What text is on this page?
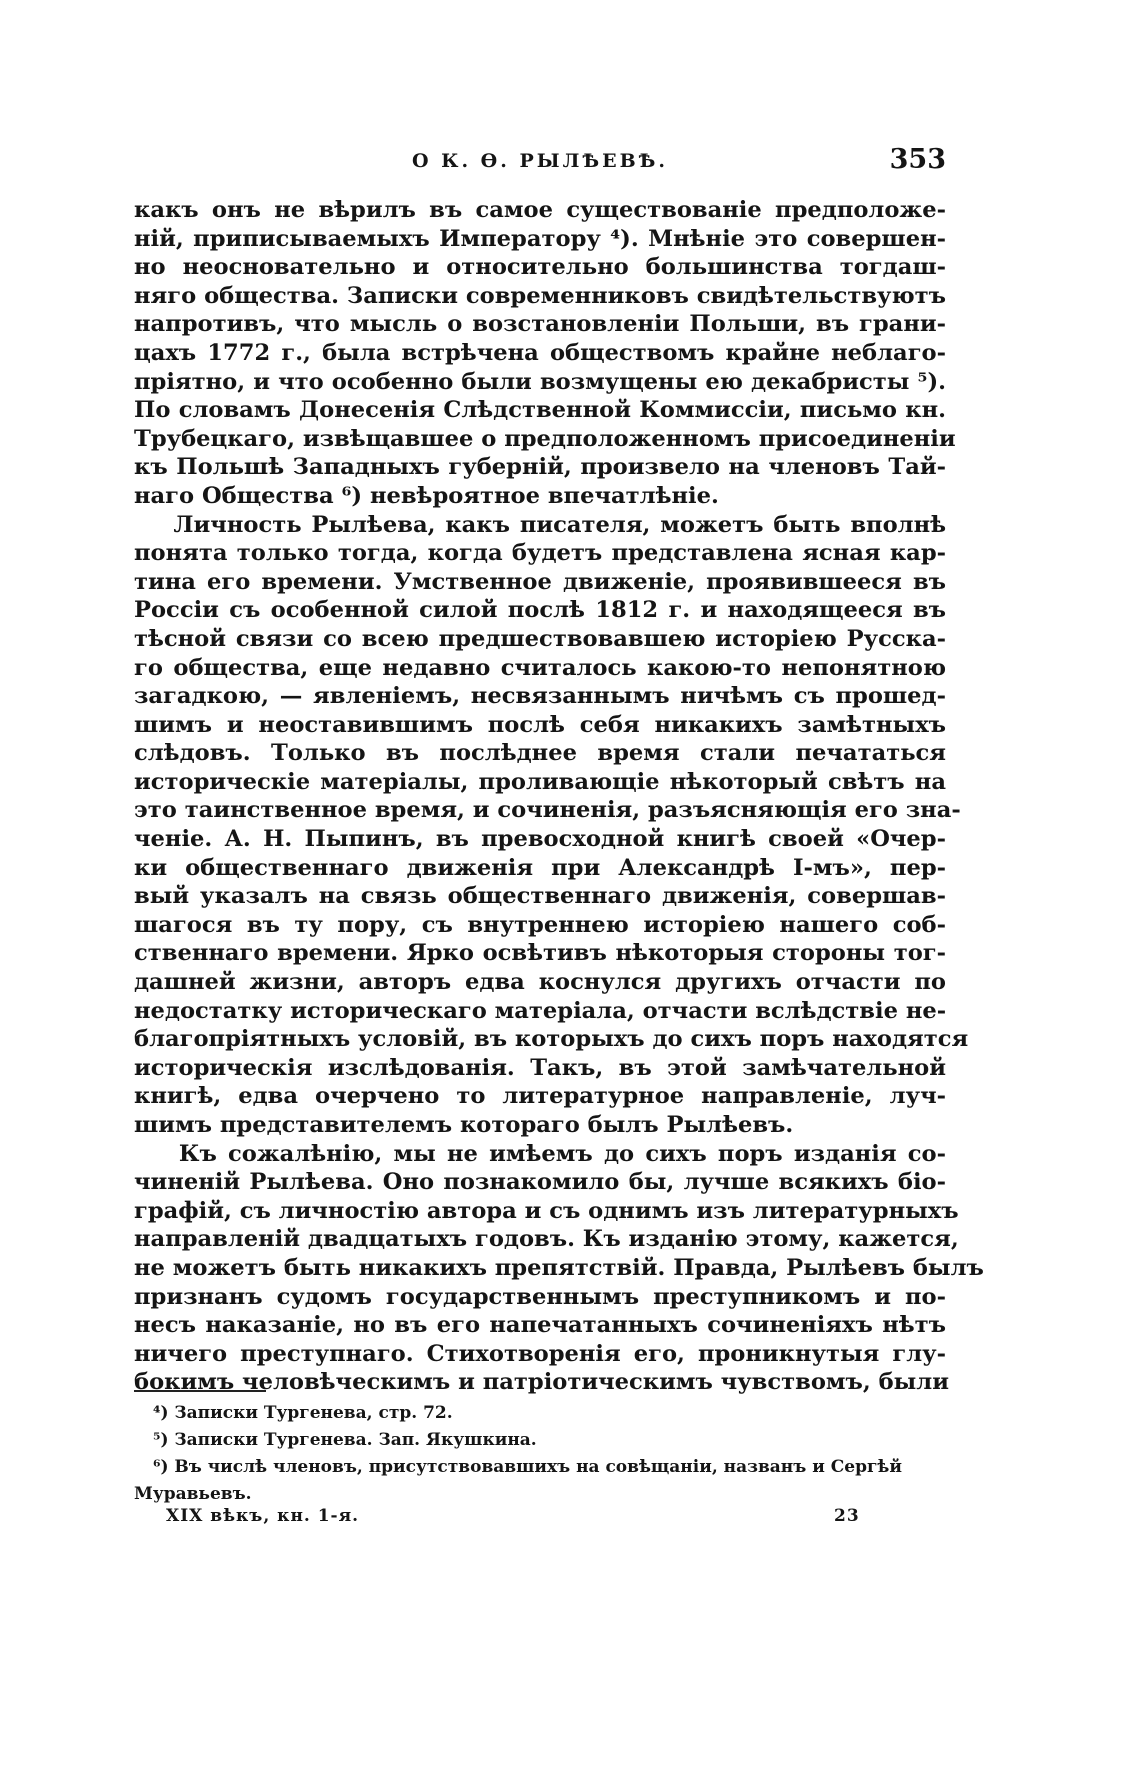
О К. Ѳ. РЫЛѢЕВѢ.	353
какъ онъ не вѣрилъ въ самое существованіе предположе-
ній, приписываемыхъ Императору ⁴). Мнѣніе это совершен-
но неосновательно и относительно большинства тогдаш-
няго общества. Записки современниковъ свидѣтельствуютъ
напротивъ, что мысль о возстановленіи Польши, въ грани-
цахъ 1772 г., была встрѣчена обществомъ крайне неблаго-
пріятно, и что особенно были возмущены ею декабристы ⁵).
По словамъ Донесенія Слѣдственной Коммиссіи, письмо кн.
Трубецкаго, извѣщавшее о предположенномъ присоединеніи
къ Польшѣ Западныхъ губерній, произвело на членовъ Тай-
наго Общества ⁶) невѣроятное впечатлѣніе.
Личность Рылѣева, какъ писателя, можетъ быть вполнѣ
понята только тогда, когда будетъ представлена ясная кар-
тина его времени. Умственное движеніе, проявившееся въ
Россіи съ особенной силой послѣ 1812 г. и находящееся въ
тѣсной связи со всею предшествовавшею исторіею Русска-
го общества, еще недавно считалось какою-то непонятною
загадкою, — явленіемъ, несвязаннымъ ничѣмъ съ прошед-
шимъ и неоставившимъ послѣ себя никакихъ замѣтныхъ
слѣдовъ. Только въ послѣднее время стали печататься
историческіе матеріалы, проливающіе нѣкоторый свѣтъ на
это таинственное время, и сочиненія, разъясняющія его зна-
ченіе. А. Н. Пыпинъ, въ превосходной книгѣ своей «Очер-
ки общественнаго движенія при Александрѣ I-мъ», пер-
вый указалъ на связь общественнаго движенія, совершав-
шагося въ ту пору, съ внутреннею исторіею нашего соб-
ственнаго времени. Ярко освѣтивъ нѣкоторыя стороны тог-
дашней жизни, авторъ едва коснулся другихъ отчасти по
недостатку историческаго матеріала, отчасти вслѣдствіе не-
благопріятныхъ условій, въ которыхъ до сихъ поръ находятся
историческія изслѣдованія. Такъ, въ этой замѣчательной
книгѣ, едва очерчено то литературное направленіе, луч-
шимъ представителемъ котораго былъ Рылѣевъ.
Къ сожалѣнію, мы не имѣемъ до сихъ поръ изданія со-
чиненій Рылѣева. Оно познакомило бы, лучше всякихъ біо-
графій, съ личностію автора и съ однимъ изъ литературныхъ
направленій двадцатыхъ годовъ. Къ изданію этому, кажется,
не можетъ быть никакихъ препятствій. Правда, Рылѣевъ былъ
признанъ судомъ государственнымъ преступникомъ и по-
несъ наказаніе, но въ его напечатанныхъ сочиненіяхъ нѣтъ
ничего преступнаго. Стихотворенія его, проникнутыя глу-
бокимъ человѣческимъ и патріотическимъ чувствомъ, были
⁴) Записки Тургенева, стр. 72.
⁵) Записки Тургенева. Зап. Якушкина.
⁶) Въ числѣ членовъ, присутствовавшихъ на совѣщаніи, названъ и Сергѣй
Муравьевъ.
XIX вѣкъ, кн. 1-я.	23
